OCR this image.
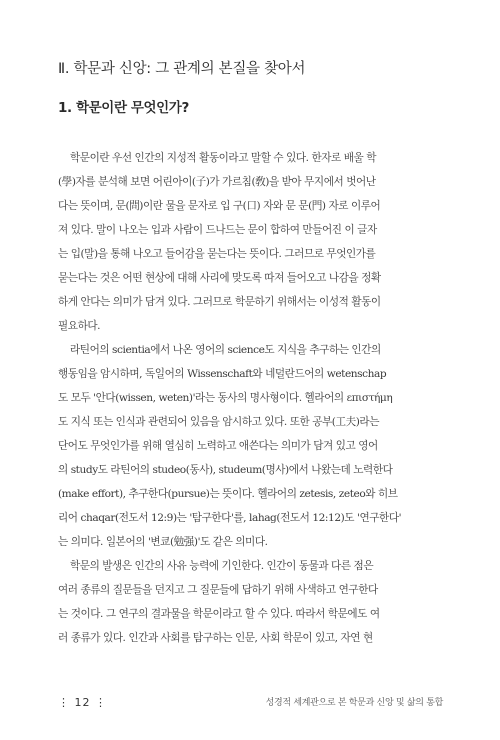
Ⅱ. 학문과 신앙: 그 관계의 본질을 찾아서
1. 학문이란 무엇인가?
학문이란 우선 인간의 지성적 활동이라고 말할 수 있다. 한자로 배울 학
(學)자를 분석해 보면 어린아이(子)가 가르침(敎)을 받아 무지에서 벗어난
다는 뜻이며, 문(問)이란 물을 문자로 입 구(口) 자와 문 문(門) 자로 이루어
져 있다. 말이 나오는 입과 사람이 드나드는 문이 합하여 만들어진 이 글자
는 입(말)을 통해 나오고 들어감을 묻는다는 뜻이다. 그러므로 무엇인가를
묻는다는 것은 어떤 현상에 대해 사리에 맞도록 따져 들어오고 나감을 정확
하게 안다는 의미가 담겨 있다. 그러므로 학문하기 위해서는 이성적 활동이
필요하다.
라틴어의 scientia에서 나온 영어의 science도 지식을 추구하는 인간의
행동임을 암시하며, 독일어의 Wissenschaft와 네덜란드어의 wetenschap
도 모두 '안다(wissen, weten)'라는 동사의 명사형이다. 헬라어의 επιστήμη
도 지식 또는 인식과 관련되어 있음을 암시하고 있다. 또한 공부(工夫)라는
단어도 무엇인가를 위해 열심히 노력하고 애쓴다는 의미가 담겨 있고 영어
의 study도 라틴어의 studeo(동사), studeum(명사)에서 나왔는데 노력한다
(make effort), 추구한다(pursue)는 뜻이다. 헬라어의 zetesis, zeteo와 히브
리어 chaqar(전도서 12:9)는 '탐구한다'를, lahag(전도서 12:12)도 '연구한다'
는 의미다. 일본어의 '변쿄(勉强)'도 같은 의미다.
학문의 발생은 인간의 사유 능력에 기인한다. 인간이 동물과 다른 점은
여러 종류의 질문들을 던지고 그 질문들에 답하기 위해 사색하고 연구한다
는 것이다. 그 연구의 결과물을 학문이라고 할 수 있다. 따라서 학문에도 여
러 종류가 있다. 인간과 사회를 탐구하는 인문, 사회 학문이 있고, 자연 현
⋮ 12 ⋮	성경적 세계관으로 본 학문과 신앙 및 삶의 통합
